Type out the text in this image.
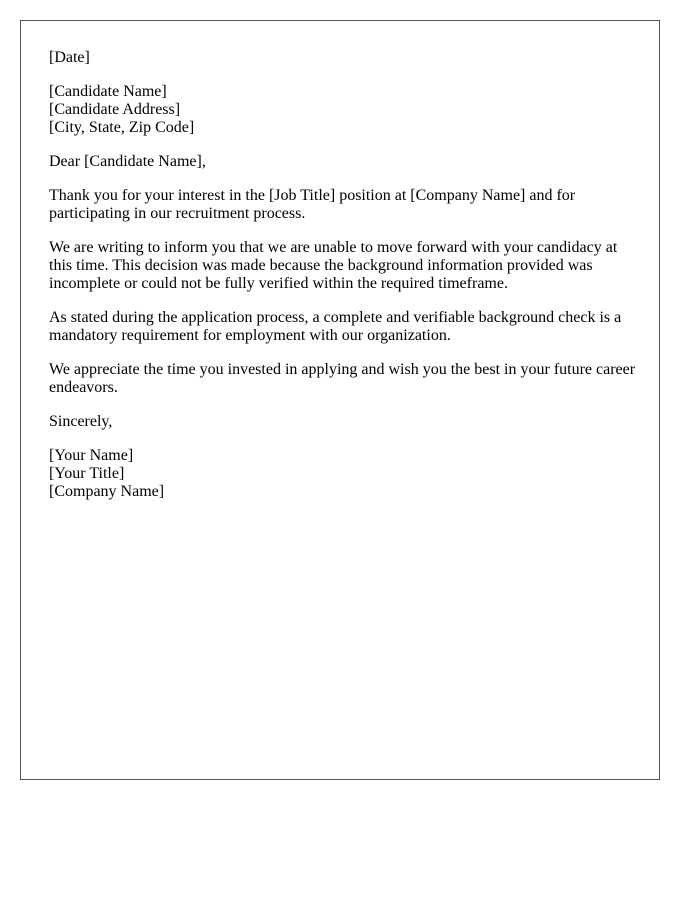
[Date]
[Candidate Name]
[Candidate Address]
[City, State, Zip Code]
Dear [Candidate Name],

Thank you for your interest in the [Job Title] position at [Company Name] and for participating in our recruitment process.

We are writing to inform you that we are unable to move forward with your candidacy at this time. This decision was made because the background information provided was incomplete or could not be fully verified within the required timeframe.

As stated during the application process, a complete and verifiable background check is a mandatory requirement for employment with our organization.

We appreciate the time you invested in applying and wish you the best in your future career endeavors.

Sincerely,
[Your Name]
[Your Title]
[Company Name]
